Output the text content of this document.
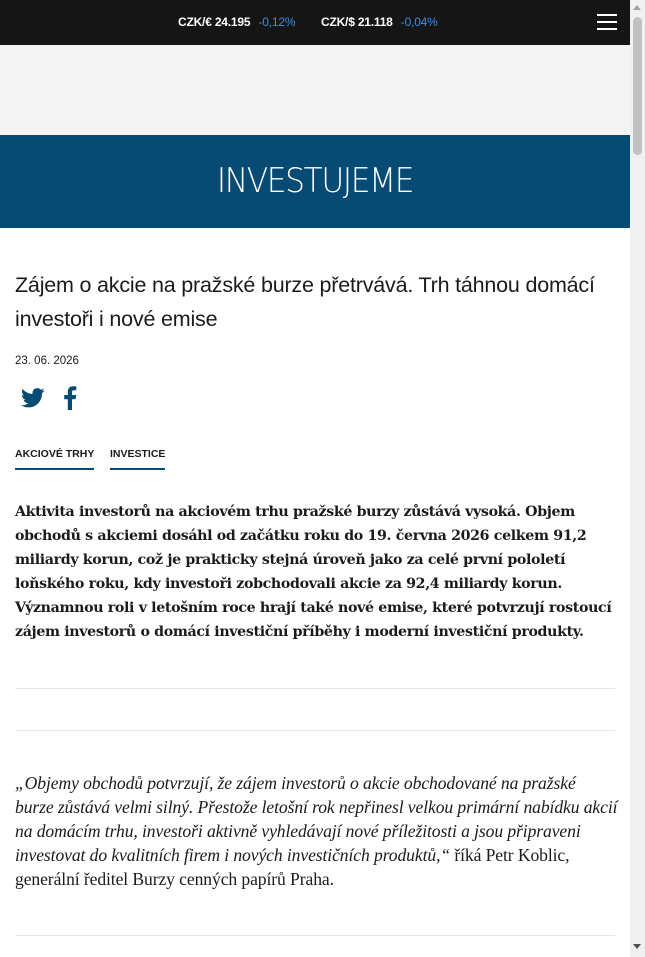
CZK/€ 24.195 -0,12% CZK/$ 21.118 -0,04%
INVESTUJEME
Zájem o akcie na pražské burze přetrvává. Trh táhnou domácí investoři i nové emise
23. 06. 2026
AKCIOVÉ TRHY INVESTICE

Aktivita investorů na akciovém trhu pražské burzy zůstává vysoká. Objem obchodů s akciemi dosáhl od začátku roku do 19. června 2026 celkem 91,2 miliardy korun, což je prakticky stejná úroveň jako za celé první pololetí loňského roku, kdy investoři zobchodovali akcie za 92,4 miliardy korun. Významnou roli v letošním roce hrají také nové emise, které potvrzují rostoucí zájem investorů o domácí investiční příběhy i moderní investiční produkty.

„Objemy obchodů potvrzují, že zájem investorů o akcie obchodované na pražské burze zůstává velmi silný. Přestože letošní rok nepřinesl velkou primární nabídku akcií na domácím trhu, investoři aktivně vyhledávají nové příležitosti a jsou připraveni investovat do kvalitních firem i nových investičních produktů,“ říká Petr Koblic, generální ředitel Burzy cenných papírů Praha.
